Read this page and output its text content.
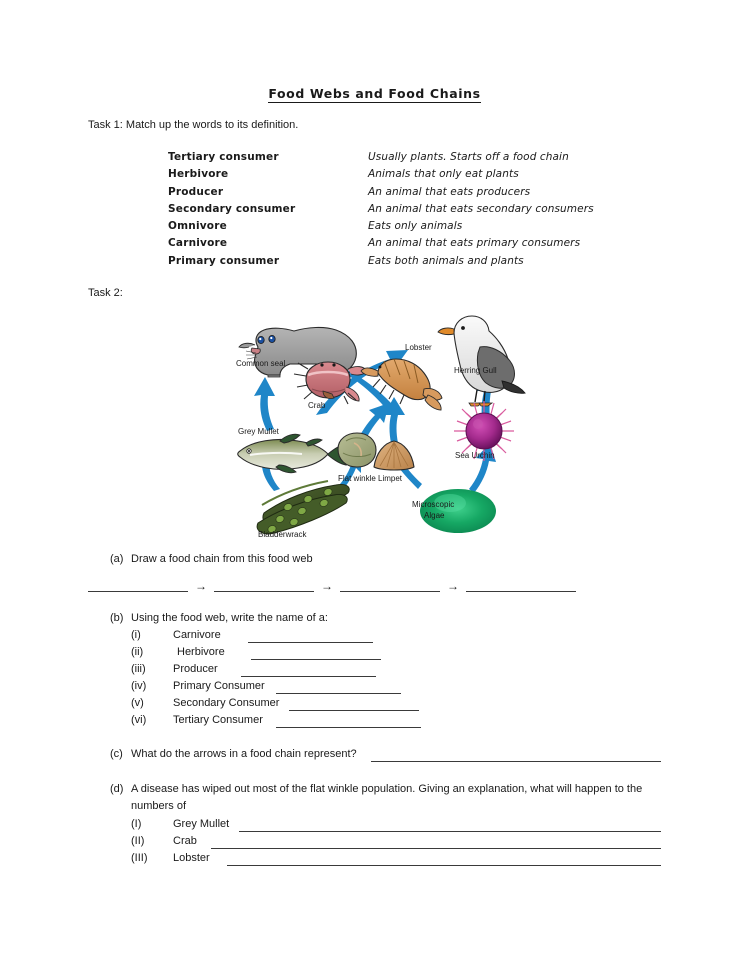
Food Webs and Food Chains
Task 1: Match up the words to its definition.
Tertiary consumer	Usually plants. Starts off a food chain
Herbivore	Animals that only eat plants
Producer	An animal that eats producers
Secondary consumer	An animal that eats secondary consumers
Omnivore	Eats only animals
Carnivore	An animal that eats primary consumers
Primary consumer	Eats both animals and plants
Task 2:
Common seal
Herring Gull
Crab
Lobster
Grey Mullet
Flat winkle Limpet
Sea Urchin
Bladderwrack
Microscopic
Algae
(a) Draw a food chain from this food web
→	→	→
(b) Using the food web, write the name of a:
(i)	Carnivore
(ii)	Herbivore
(iii)	Producer
(iv)	Primary Consumer
(v)	Secondary Consumer
(vi)	Tertiary Consumer
(c) What do the arrows in a food chain represent?
(d) A disease has wiped out most of the flat winkle population. Giving an explanation, what will happen to the
numbers of
(I)	Grey Mullet
(II)	Crab
(III)	Lobster
